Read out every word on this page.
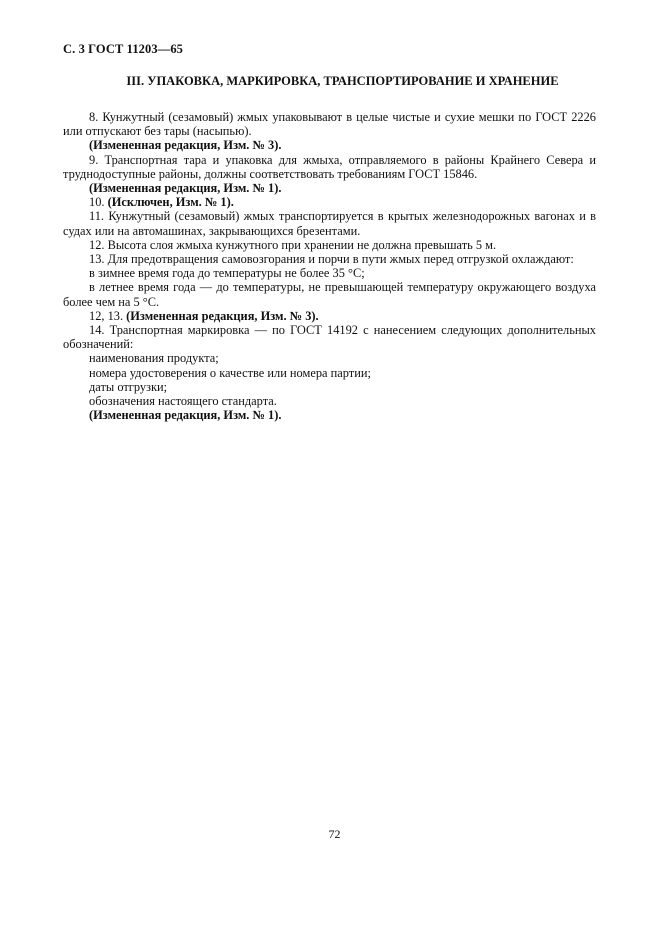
С. 3 ГОСТ 11203—65
III. УПАКОВКА, МАРКИРОВКА, ТРАНСПОРТИРОВАНИЕ И ХРАНЕНИЕ

8. Кунжутный (сезамовый) жмых упаковывают в целые чистые и сухие мешки по ГОСТ 2226 или отпускают без тары (насыпью).

(Измененная редакция, Изм. № 3).

9. Транспортная тара и упаковка для жмыха, отправляемого в районы Крайнего Севера и труднодоступные районы, должны соответствовать требованиям ГОСТ 15846.

(Измененная редакция, Изм. № 1).

10. (Исключен, Изм. № 1).

11. Кунжутный (сезамовый) жмых транспортируется в крытых железнодорожных вагонах и в судах или на автомашинах, закрывающихся брезентами.

12. Высота слоя жмыха кунжутного при хранении не должна превышать 5 м.

13. Для предотвращения самовозгорания и порчи в пути жмых перед отгрузкой охлаждают:

в зимнее время года до температуры не более 35 °С;

в летнее время года — до температуры, не превышающей температуру окружающего воздуха более чем на 5 °С.

12, 13. (Измененная редакция, Изм. № 3).

14. Транспортная маркировка — по ГОСТ 14192 с нанесением следующих дополнительных обозначений:

наименования продукта;

номера удостоверения о качестве или номера партии;

даты отгрузки;

обозначения настоящего стандарта.

(Измененная редакция, Изм. № 1).

72
